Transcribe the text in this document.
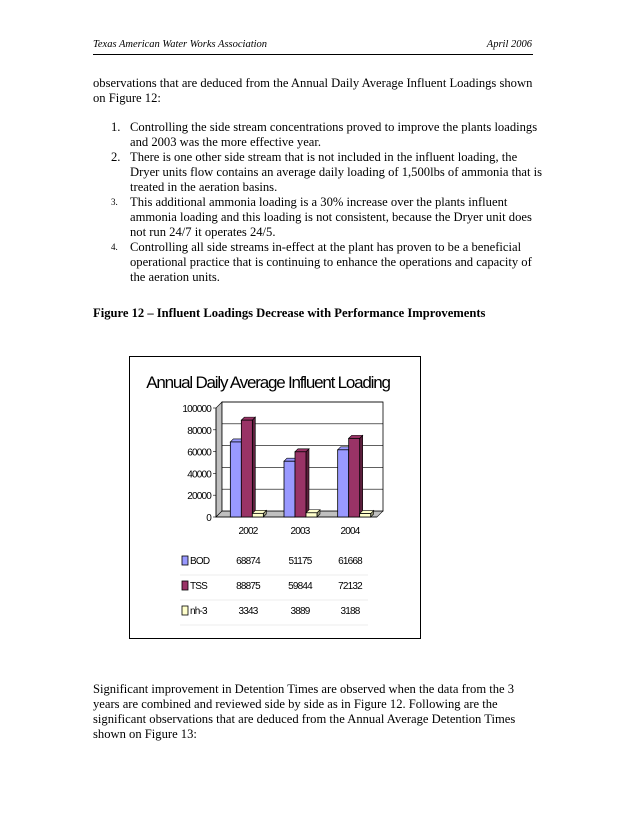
Texas American Water Works Association	April 2006

observations that are deduced from the Annual Daily Average Influent Loadings shown on Figure 12:

1. Controlling the side stream concentrations proved to improve the plants loadings and 2003 was the more effective year.
2. There is one other side stream that is not included in the influent loading, the Dryer units flow contains an average daily loading of 1,500lbs of ammonia that is treated in the aeration basins.
3. This additional ammonia loading is a 30% increase over the plants influent ammonia loading and this loading is not consistent, because the Dryer unit does not run 24/7 it operates 24/5.
4. Controlling all side streams in-effect at the plant has proven to be a beneficial operational practice that is continuing to enhance the operations and capacity of the aeration units.

Figure 12 – Influent Loadings Decrease with Performance Improvements

Annual Daily Average Influent Loading
0
20000
40000
60000
80000
100000
2002	2003	2004
BOD	68874	51175	61668
TSS	88875	59844	72132
nh-3	3343	3889	3188

Significant improvement in Detention Times are observed when the data from the 3 years are combined and reviewed side by side as in Figure 12. Following are the significant observations that are deduced from the Annual Average Detention Times shown on Figure 13:
